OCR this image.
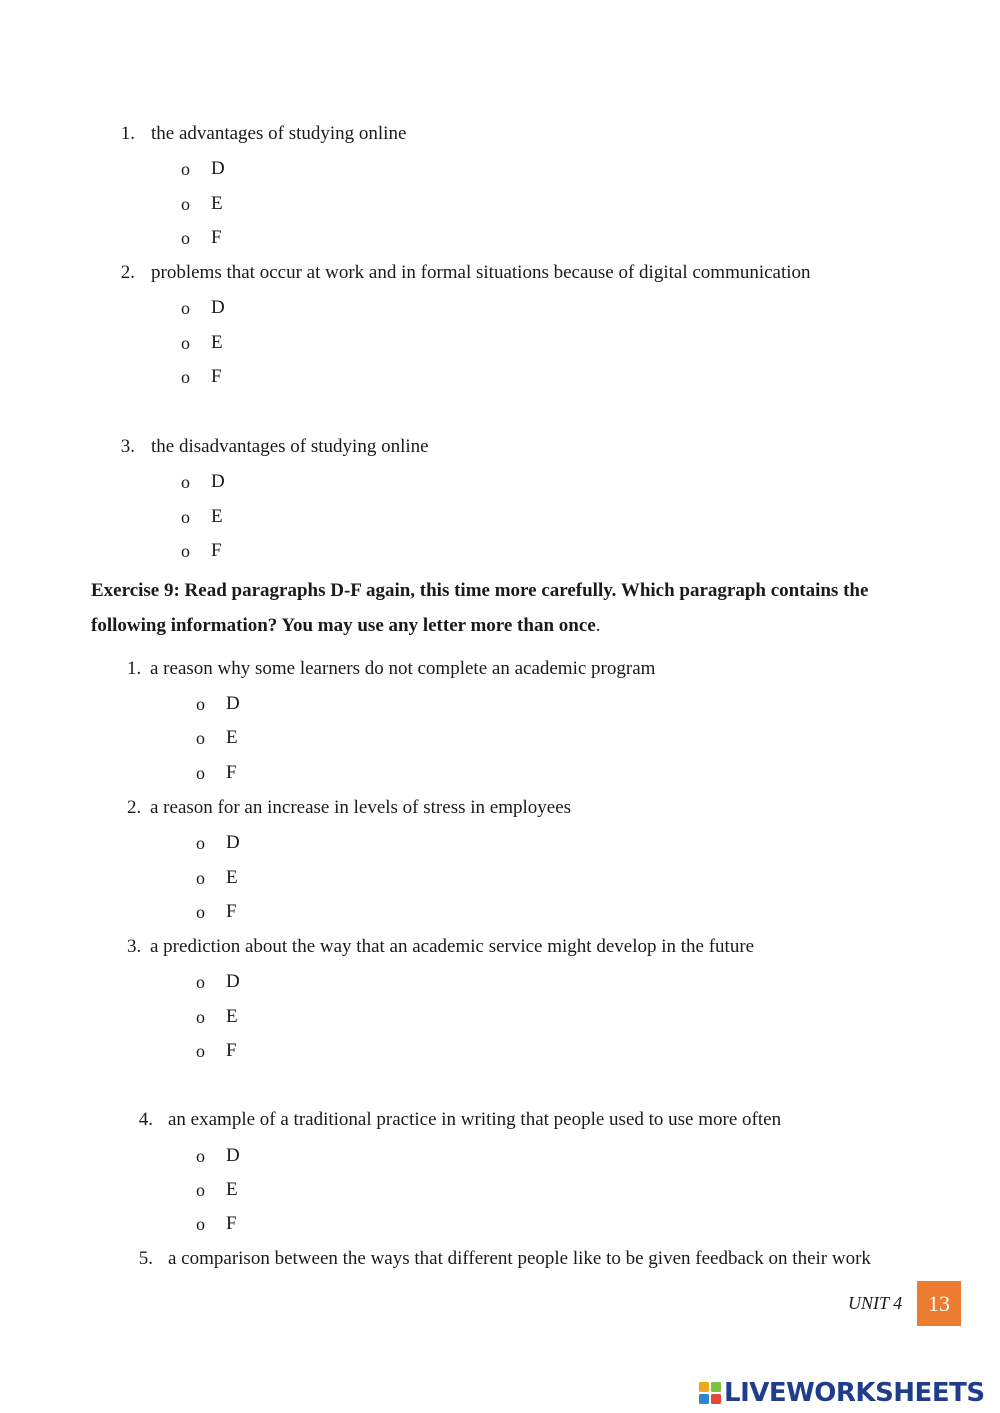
1. the advantages of studying online
o D
o E
o F
2. problems that occur at work and in formal situations because of digital communication
o D
o E
o F
3. the disadvantages of studying online
o D
o E
o F
Exercise 9: Read paragraphs D-F again, this time more carefully. Which paragraph contains the following information? You may use any letter more than once.
1. a reason why some learners do not complete an academic program
o D
o E
o F
2. a reason for an increase in levels of stress in employees
o D
o E
o F
3. a prediction about the way that an academic service might develop in the future
o D
o E
o F
4. an example of a traditional practice in writing that people used to use more often
o D
o E
o F
5. a comparison between the ways that different people like to be given feedback on their work
UNIT 4 13
LIVEWORKSHEETS
